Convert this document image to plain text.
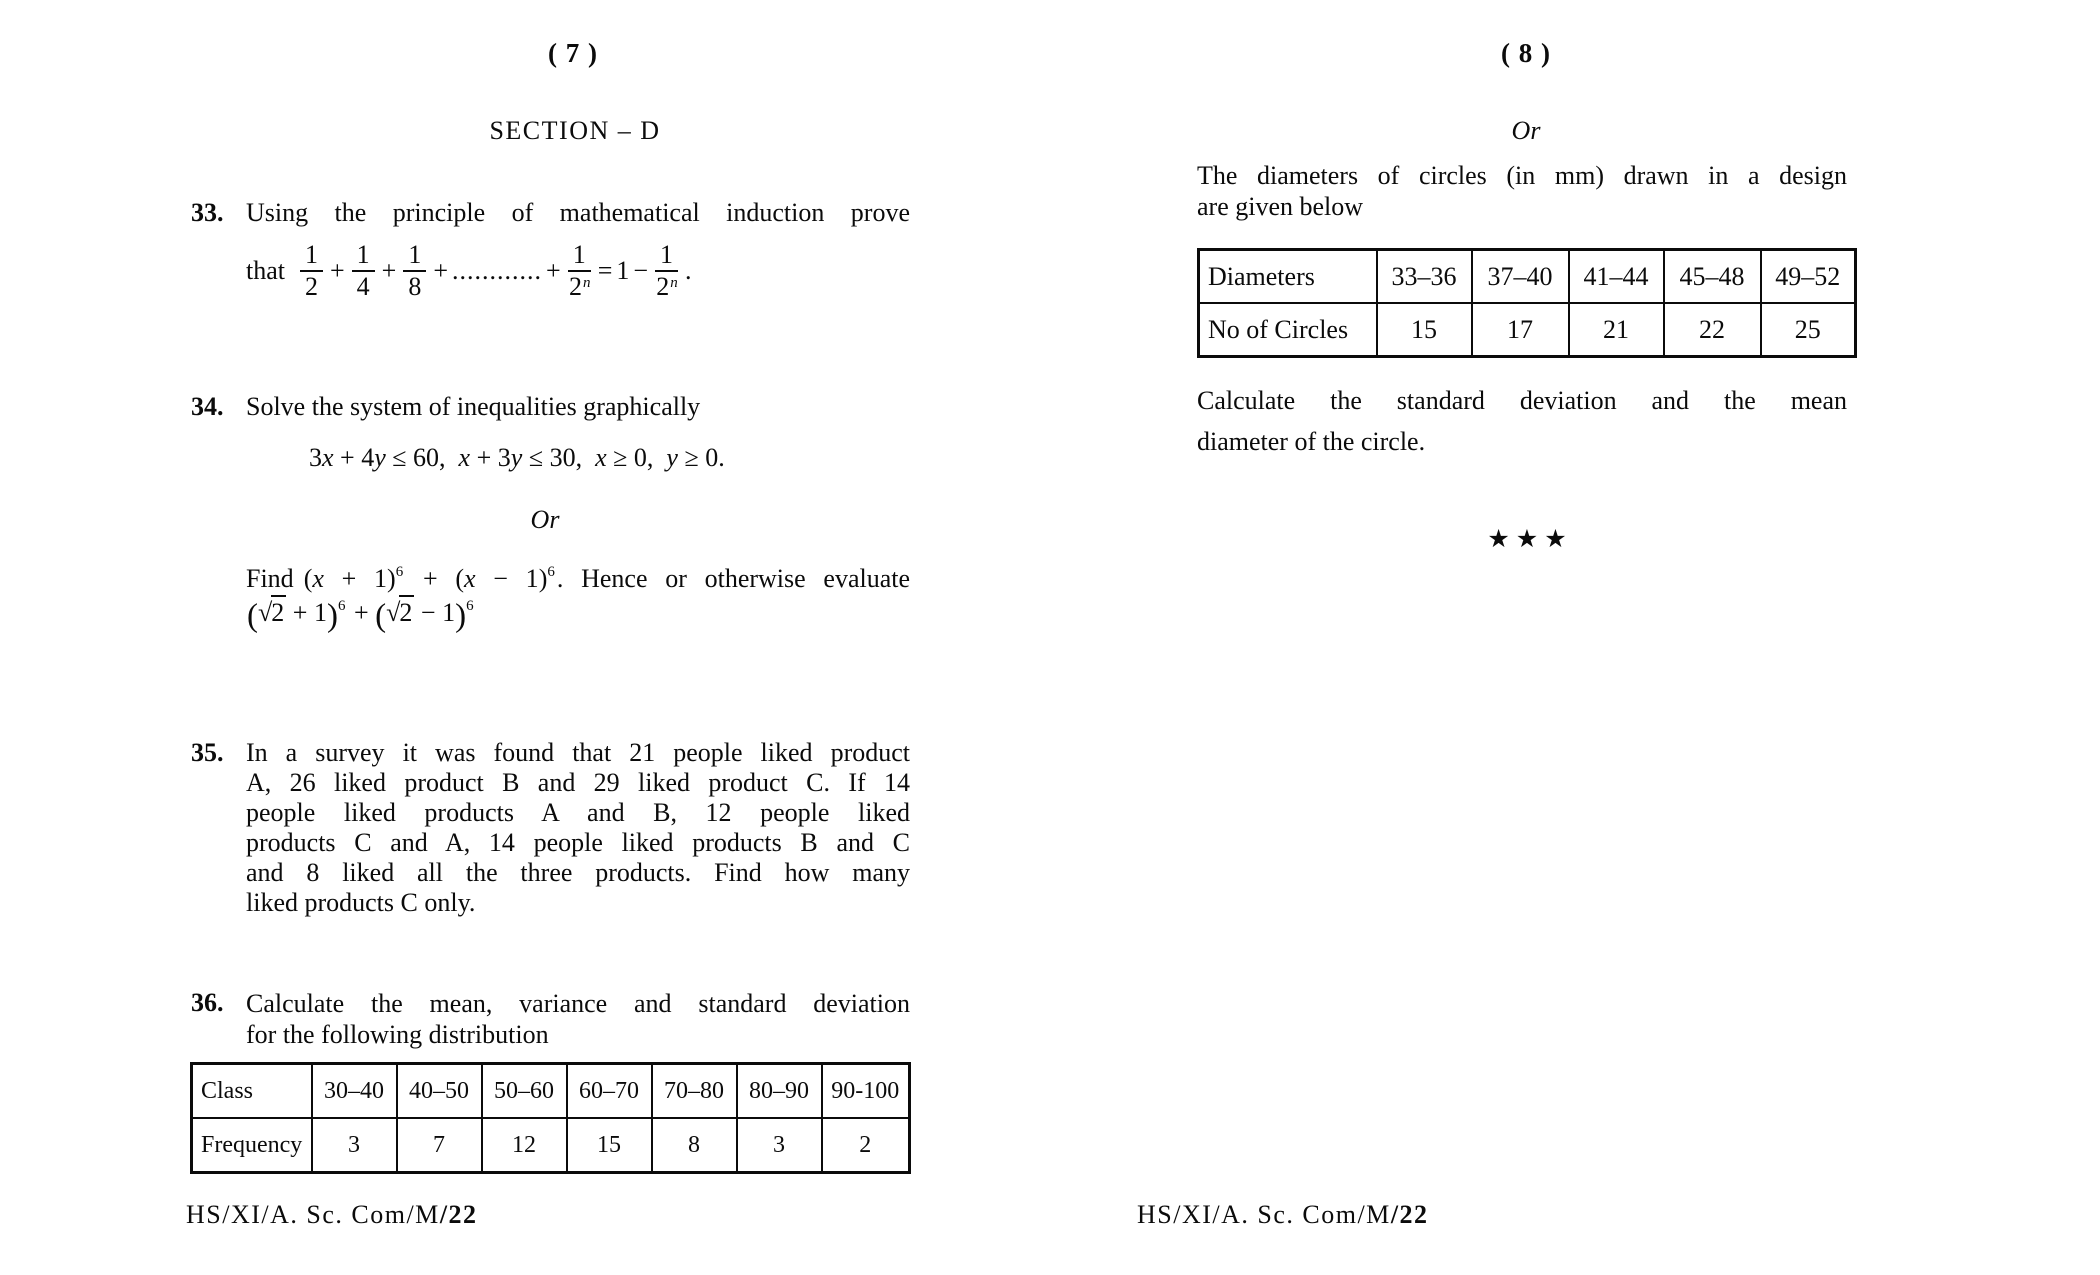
( 7 )
SECTION – D
33. Using the principle of mathematical induction prove
that $\frac{1}{2} + \frac{1}{4} + \frac{1}{8}$ + ............ + $\frac{1}{2^n} = 1 - \frac{1}{2^n}$ .
34. Solve the system of inequalities graphically
3x + 4y ≤ 60, x + 3y ≤ 30, x ≥ 0, y ≥ 0.
Or
Find $(x + 1)^6 + (x - 1)^6$. Hence or otherwise evaluate
$(√2 + 1)^6 + (√2 - 1)^6$
35. In a survey it was found that 21 people liked product
A, 26 liked product B and 29 liked product C. If 14
people liked products A and B, 12 people liked
products C and A, 14 people liked products B and C
and 8 liked all the three products. Find how many
liked products C only.
36. Calculate the mean, variance and standard deviation
for the following distribution
Class	30–40	40–50	50–60	60–70	70–80	80–90	90-100
Frequency	3	7	12	15	8	3	2
HS/XI/A. Sc. Com/M/22
( 8 )
Or
The diameters of circles (in mm) drawn in a design
are given below
Diameters	33–36	37–40	41–44	45–48	49–52
No of Circles	15	17	21	22	25
Calculate the standard deviation and the mean
diameter of the circle.
★★★
HS/XI/A. Sc. Com/M/22
